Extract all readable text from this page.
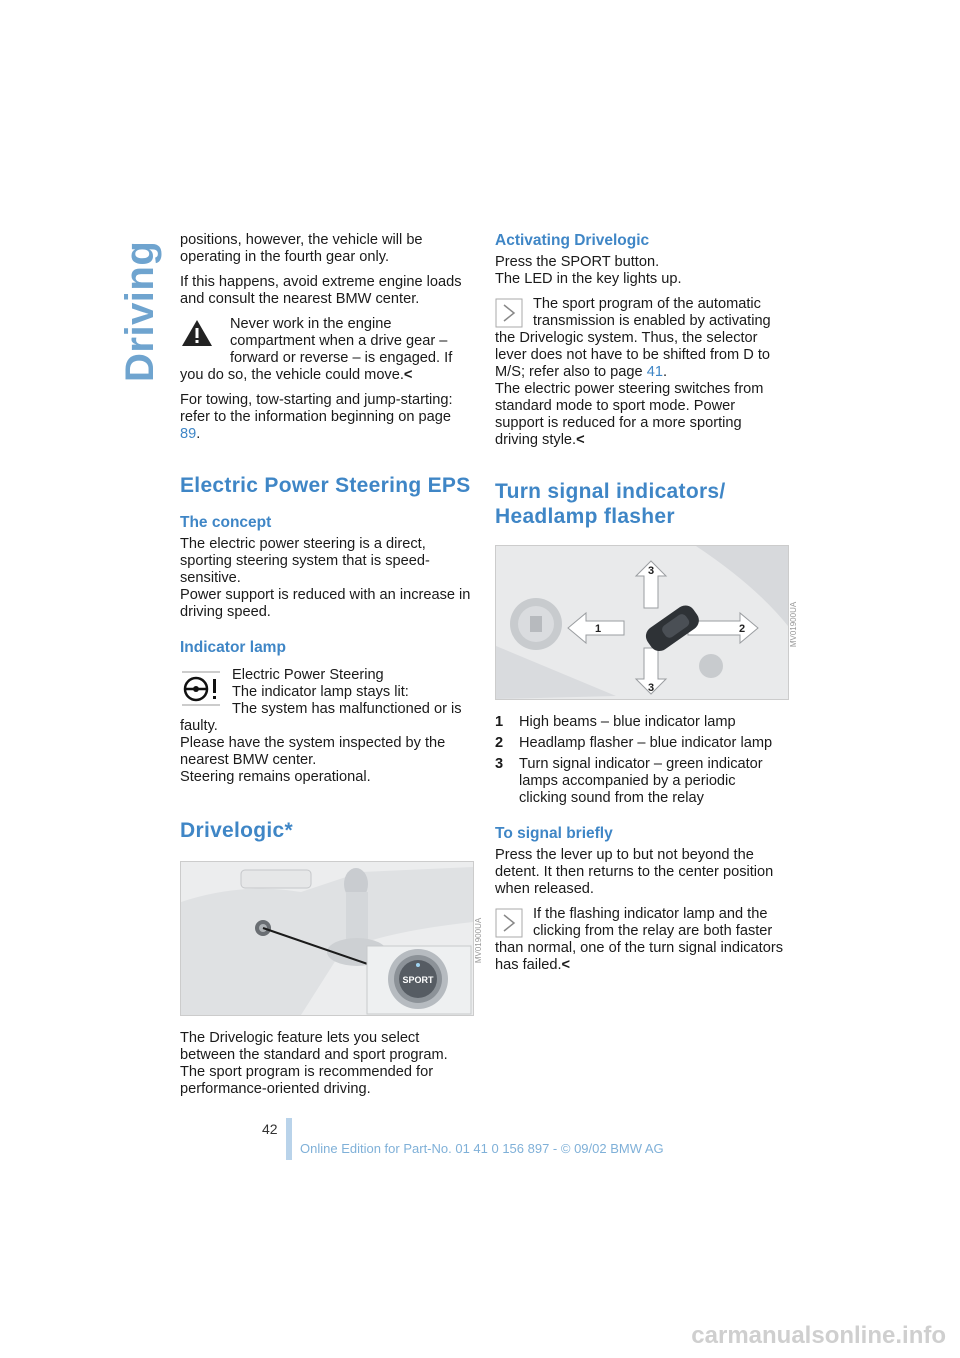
Driving

positions, however, the vehicle will be operating in the fourth gear only.

If this happens, avoid extreme engine loads and consult the nearest BMW center.

Never work in the engine compartment when a drive gear – forward or reverse – is engaged. If you do so, the vehicle could move.<

For towing, tow-starting and jump-starting: refer to the information beginning on page 89.

Electric Power Steering EPS
The concept

The electric power steering is a direct, sporting steering system that is speed-sensitive.
Power support is reduced with an increase in driving speed.

Indicator lamp
Electric Power Steering
The indicator lamp stays lit:
The system has malfunctioned or is faulty.
Please have the system inspected by the nearest BMW center.
Steering remains operational.
Drivelogic*
SPORT
MV01900UA

The Drivelogic feature lets you select between the standard and sport program. The sport program is recommended for performance-oriented driving.

Activating Drivelogic

Press the SPORT button.
The LED in the key lights up.

The sport program of the automatic transmission is enabled by activating the Drivelogic system. Thus, the selector lever does not have to be shifted from D to M/S; refer also to page 41.
The electric power steering switches from standard mode to sport mode. Power support is reduced for a more sporting driving style.<
Turn signal indicators/
Headlamp flasher
3
3
1	2	MV01900UA
1	High beams – blue indicator lamp
2	Headlamp flasher – blue indicator lamp
3	Turn signal indicator – green indicator lamps accompanied by a periodic clicking sound from the relay
To signal briefly

Press the lever up to but not beyond the detent. It then returns to the center position when released.

If the flashing indicator lamp and the clicking from the relay are both faster than normal, one of the turn signal indicators has failed.<
42
Online Edition for Part-No. 01 41 0 156 897 - © 09/02 BMW AG
carmanualsonline.info
